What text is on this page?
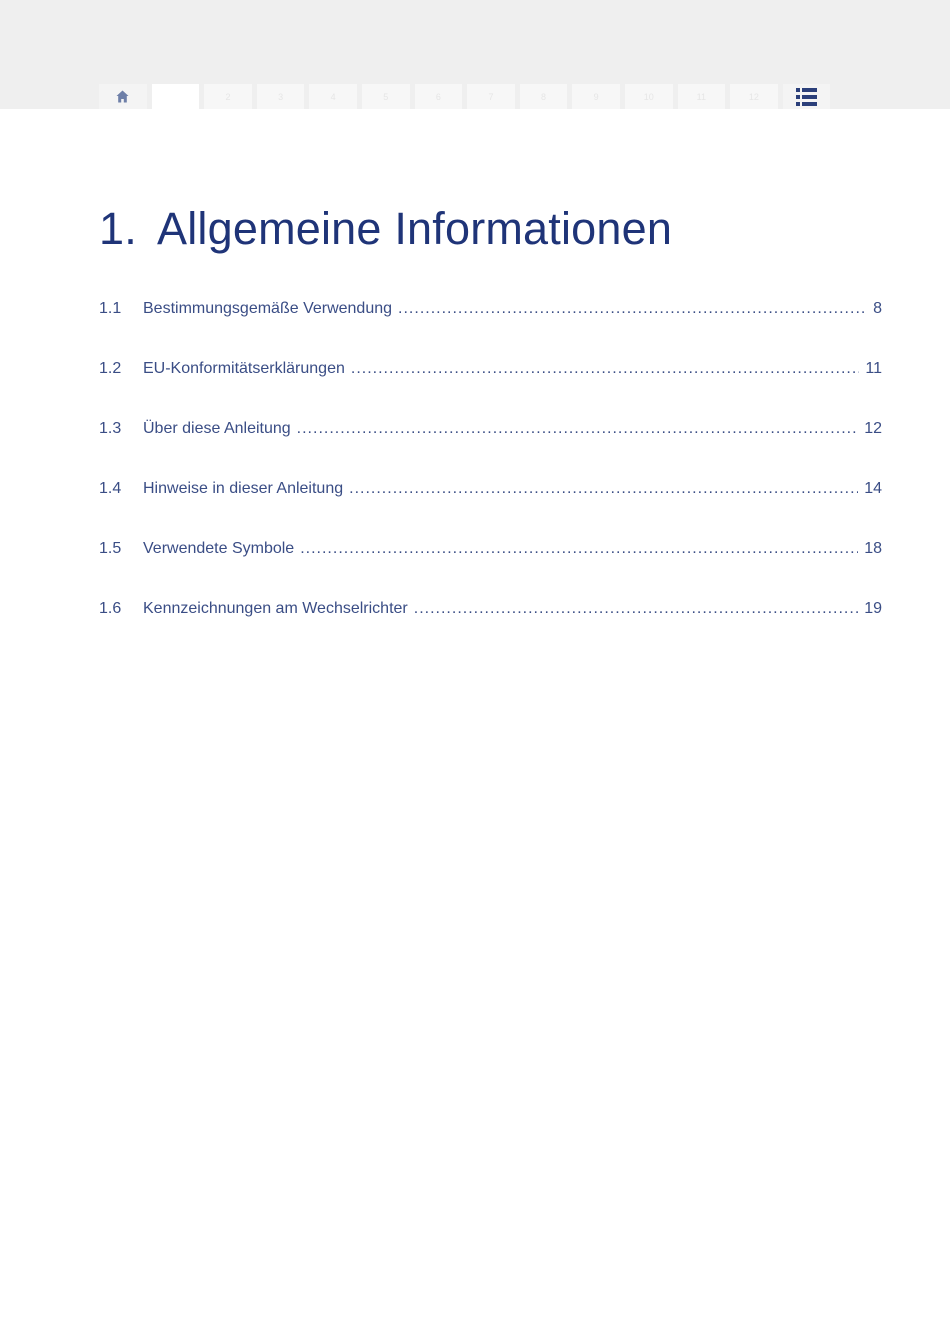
2	3	4	5	6	7	8	9	10	11	12
1. Allgemeine Informationen
1.1	Bestimmungsgemäße Verwendung .....	8
1.2	EU-Konformitätserklärungen .....	11
1.3	Über diese Anleitung .....	12
1.4	Hinweise in dieser Anleitung .....	14
1.5	Verwendete Symbole .....	18
1.6	Kennzeichnungen am Wechselrichter .....	19
